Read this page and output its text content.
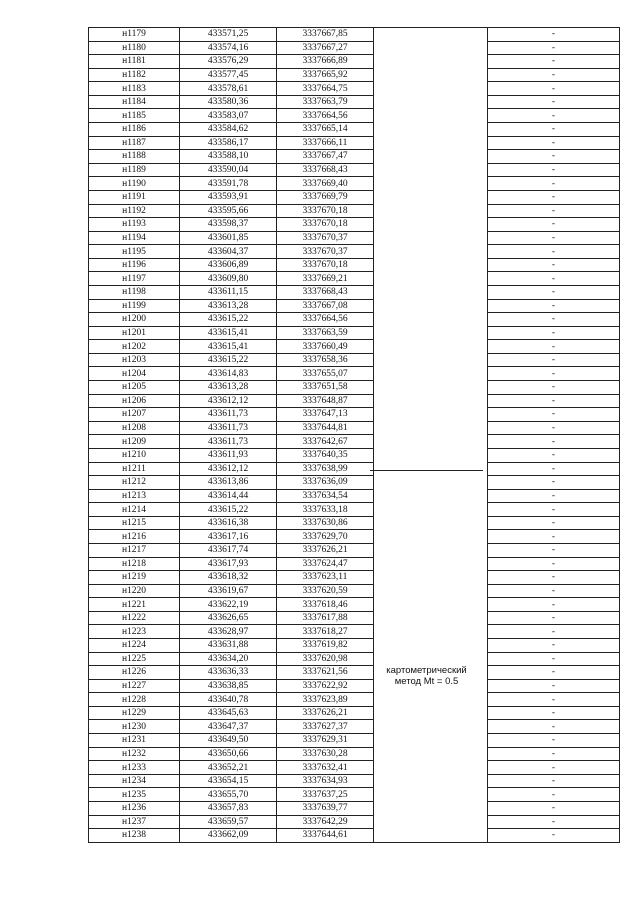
н1179	433571,25	3337667,85		-
н1180	433574,16	3337667,27		-
н1181	433576,29	3337666,89		-
н1182	433577,45	3337665,92		-
н1183	433578,61	3337664,75		-
н1184	433580,36	3337663,79		-
н1185	433583,07	3337664,56		-
н1186	433584,62	3337665,14		-
н1187	433586,17	3337666,11		-
н1188	433588,10	3337667,47		-
н1189	433590,04	3337668,43		-
н1190	433591,78	3337669,40		-
н1191	433593,91	3337669,79		-
н1192	433595,66	3337670,18		-
н1193	433598,37	3337670,18		-
н1194	433601,85	3337670,37		-
н1195	433604,37	3337670,37		-
н1196	433606,89	3337670,18		-
н1197	433609,80	3337669,21		-
н1198	433611,15	3337668,43		-
н1199	433613,28	3337667,08		-
н1200	433615,22	3337664,56		-
н1201	433615,41	3337663,59		-
н1202	433615,41	3337660,49		-
н1203	433615,22	3337658,36		-
н1204	433614,83	3337655,07		-
н1205	433613,28	3337651,58		-
н1206	433612,12	3337648,87		-
н1207	433611,73	3337647,13		-
н1208	433611,73	3337644,81		-
н1209	433611,73	3337642,67		-
н1210	433611,93	3337640,35		-
н1211	433612,12	3337638,99		-
н1212	433613,86	3337636,09		-
н1213	433614,44	3337634,54		-
н1214	433615,22	3337633,18		-
н1215	433616,38	3337630,86		-
н1216	433617,16	3337629,70		-
н1217	433617,74	3337626,21		-
н1218	433617,93	3337624,47		-
н1219	433618,32	3337623,11		-
н1220	433619,67	3337620,59		-
н1221	433622,19	3337618,46		-
н1222	433626,65	3337617,88		-
н1223	433628,97	3337618,27		-
н1224	433631,88	3337619,82		-
н1225	433634,20	3337620,98		-
н1226	433636,33	3337621,56		-
н1227	433638,85	3337622,92		-
н1228	433640,78	3337623,89		-
н1229	433645,63	3337626,21		-
н1230	433647,37	3337627,37		-
н1231	433649,50	3337629,31		-
н1232	433650,66	3337630,28		-
н1233	433652,21	3337632,41		-
н1234	433654,15	3337634,93		-
н1235	433655,70	3337637,25		-
н1236	433657,83	3337639,77		-
н1237	433659,57	3337642,29		-
н1238	433662,09	3337644,61		-
картометрический
метод Mt = 0.5
